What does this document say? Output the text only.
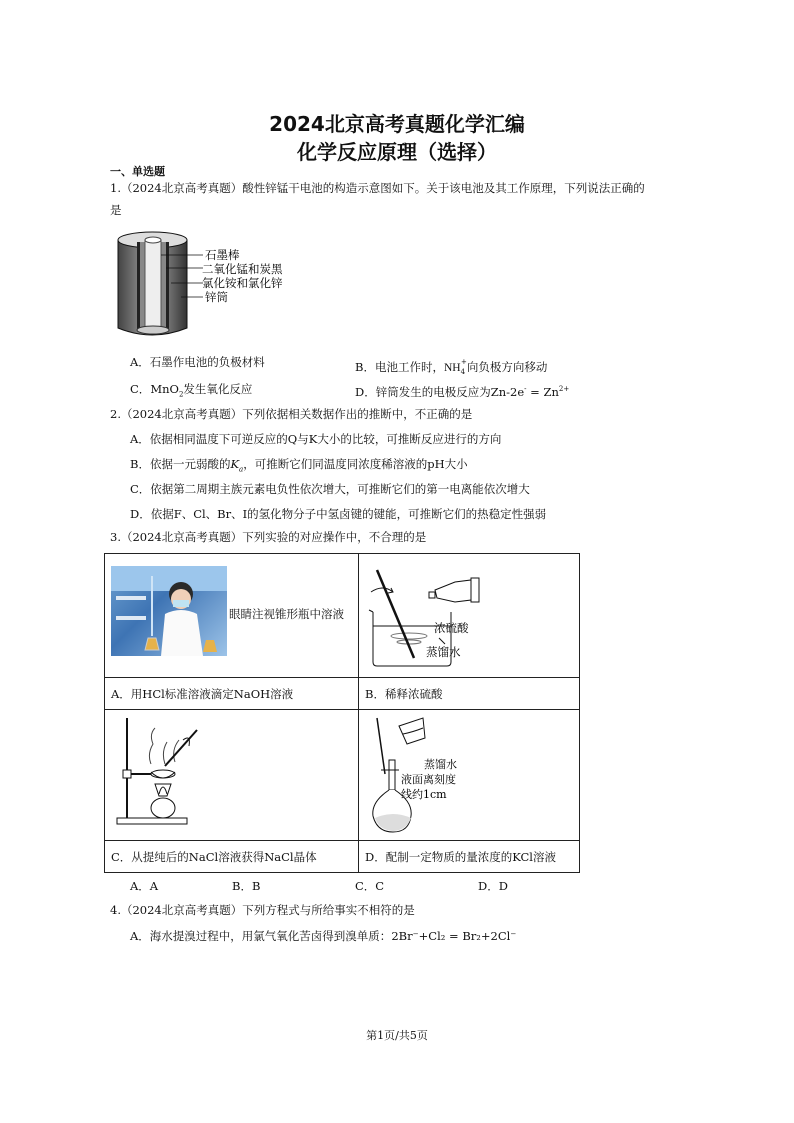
2024北京高考真题化学汇编
化学反应原理（选择）
一、单选题
1.（2024北京高考真题）酸性锌锰干电池的构造示意图如下。关于该电池及其工作原理，下列说法正确的
是
石墨棒
二氧化锰和炭黑
氯化铵和氯化锌
锌筒
A．石墨作电池的负极材料	B．电池工作时，$NH_4^+$向负极方向移动
C．MnO$_2$发生氧化反应	D．锌筒发生的电极反应为$Zn-2e^- = Zn^{2+}$
2.（2024北京高考真题）下列依据相关数据作出的推断中，不正确的是
A．依据相同温度下可逆反应的Q与K大小的比较，可推断反应进行的方向
B．依据一元弱酸的$K_a$，可推断它们同温度同浓度稀溶液的pH大小
C．依据第二周期主族元素电负性依次增大，可推断它们的第一电离能依次增大
D．依据F、Cl、Br、I的氢化物分子中氢卤键的键能，可推断它们的热稳定性强弱
3.（2024北京高考真题）下列实验的对应操作中，不合理的是
眼睛注视锥形瓶中溶液	浓硫酸
蒸馏水

A．用HCl标准溶液滴定NaOH溶液	B．稀释浓硫酸

蒸馏水
液面离刻度
线约1cm

C．从提纯后的NaCl溶液获得NaCl晶体	D．配制一定物质的量浓度的KCl溶液
A．A	B．B	C．C	D．D
4.（2024北京高考真题）下列方程式与所给事实不相符的是
A．海水提溴过程中，用氯气氧化苦卤得到溴单质：2Br⁻+Cl₂ = Br₂+2Cl⁻
第1页/共5页
